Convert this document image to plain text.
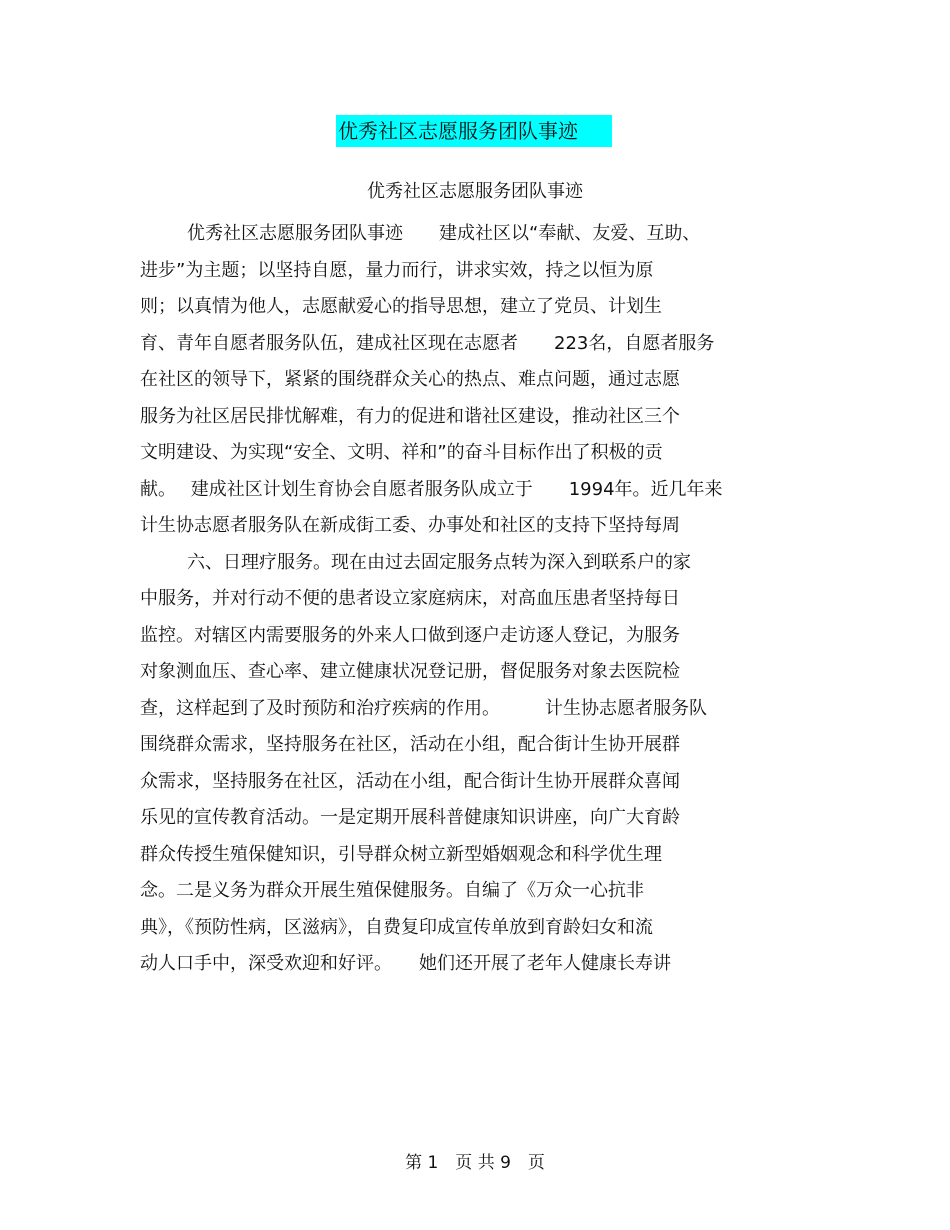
优秀社区志愿服务团队事迹
优秀社区志愿服务团队事迹
优秀社区志愿服务团队事迹　　建成社区以“奉献、友爱、互助、
进步”为主题；以坚持自愿，量力而行，讲求实效，持之以恒为原
则；以真情为他人，志愿献爱心的指导思想，建立了党员、计划生
育、青年自愿者服务队伍，建成社区现在志愿者　　223名，自愿者服务
在社区的领导下，紧紧的围绕群众关心的热点、难点问题，通过志愿
服务为社区居民排忧解难，有力的促进和谐社区建设，推动社区三个
文明建设、为实现“安全、文明、祥和”的奋斗目标作出了积极的贡
献。　 建成社区计划生育协会自愿者服务队成立于　　1994年。近几年来
计生协志愿者服务队在新成街工委、办事处和社区的支持下坚持每周
六、日理疗服务。现在由过去固定服务点转为深入到联系户的家
中服务，并对行动不便的患者设立家庭病床，对高血压患者坚持每日
监控。对辖区内需要服务的外来人口做到逐户走访逐人登记，为服务
对象测血压、查心率、建立健康状况登记册，督促服务对象去医院检
查，这样起到了及时预防和治疗疾病的作用。　　　计生协志愿者服务队
围绕群众需求，坚持服务在社区，活动在小组，配合街计生协开展群
众需求，坚持服务在社区，活动在小组，配合街计生协开展群众喜闻
乐见的宣传教育活动。一是定期开展科普健康知识讲座，向广大育龄
群众传授生殖保健知识，引导群众树立新型婚姻观念和科学优生理
念。二是义务为群众开展生殖保健服务。自编了《万众一心抗非
典》，《预防性病，区滋病》，自费复印成宣传单放到育龄妇女和流
动人口手中，深受欢迎和好评。　　她们还开展了老年人健康长寿讲
第 1　页 共 9　页
